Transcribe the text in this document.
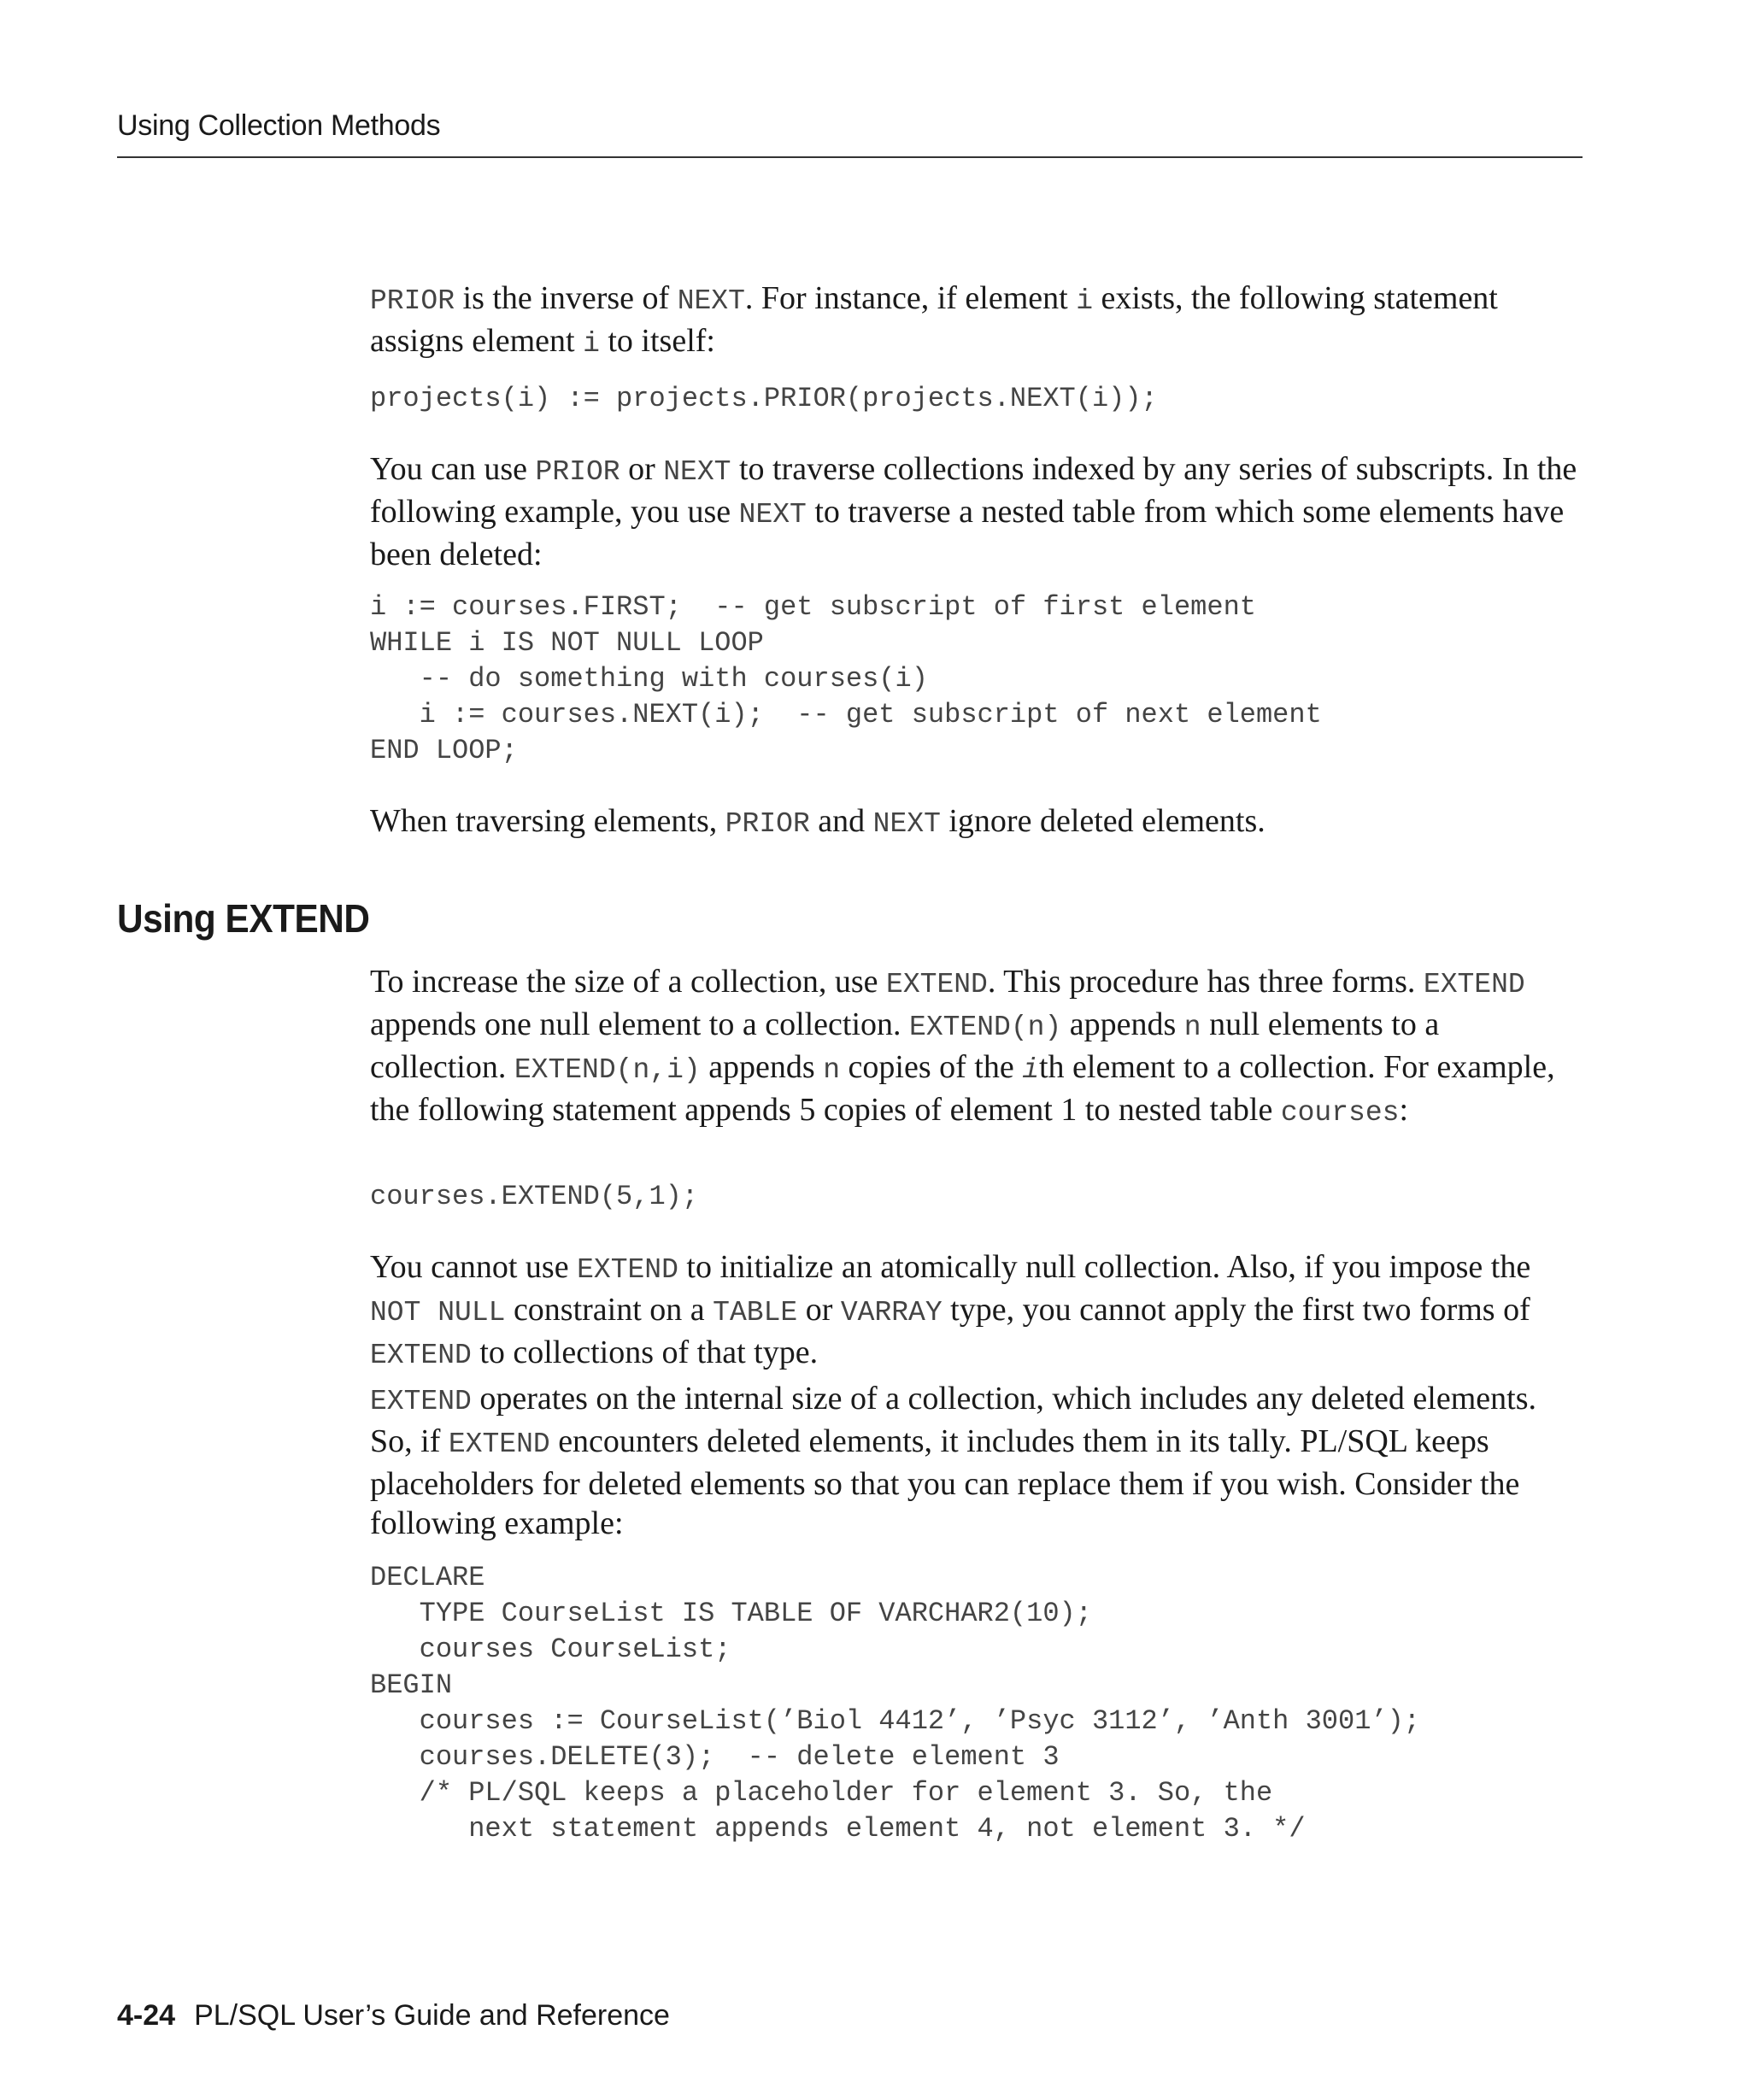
Using Collection Methods

PRIOR is the inverse of NEXT. For instance, if element i exists, the following statement assigns element i to itself:

projects(i) := projects.PRIOR(projects.NEXT(i));

You can use PRIOR or NEXT to traverse collections indexed by any series of subscripts. In the following example, you use NEXT to traverse a nested table from which some elements have been deleted:

i := courses.FIRST;  -- get subscript of first element
WHILE i IS NOT NULL LOOP
-- do something with courses(i)
i := courses.NEXT(i);  -- get subscript of next element
END LOOP;

When traversing elements, PRIOR and NEXT ignore deleted elements.

Using EXTEND

To increase the size of a collection, use EXTEND. This procedure has three forms. EXTEND appends one null element to a collection. EXTEND(n) appends n null elements to a collection. EXTEND(n,i) appends n copies of the ith element to a collection. For example, the following statement appends 5 copies of element 1 to nested table courses:

courses.EXTEND(5,1);

You cannot use EXTEND to initialize an atomically null collection. Also, if you impose the NOT NULL constraint on a TABLE or VARRAY type, you cannot apply the first two forms of EXTEND to collections of that type.

EXTEND operates on the internal size of a collection, which includes any deleted elements. So, if EXTEND encounters deleted elements, it includes them in its tally. PL/SQL keeps placeholders for deleted elements so that you can replace them if you wish. Consider the following example:

DECLARE
TYPE CourseList IS TABLE OF VARCHAR2(10);
courses CourseList;
BEGIN
courses := CourseList(’Biol 4412’, ’Psyc 3112’, ’Anth 3001’);
courses.DELETE(3);  -- delete element 3
/* PL/SQL keeps a placeholder for element 3. So, the
next statement appends element 4, not element 3. */
4-24 PL/SQL User’s Guide and Reference
